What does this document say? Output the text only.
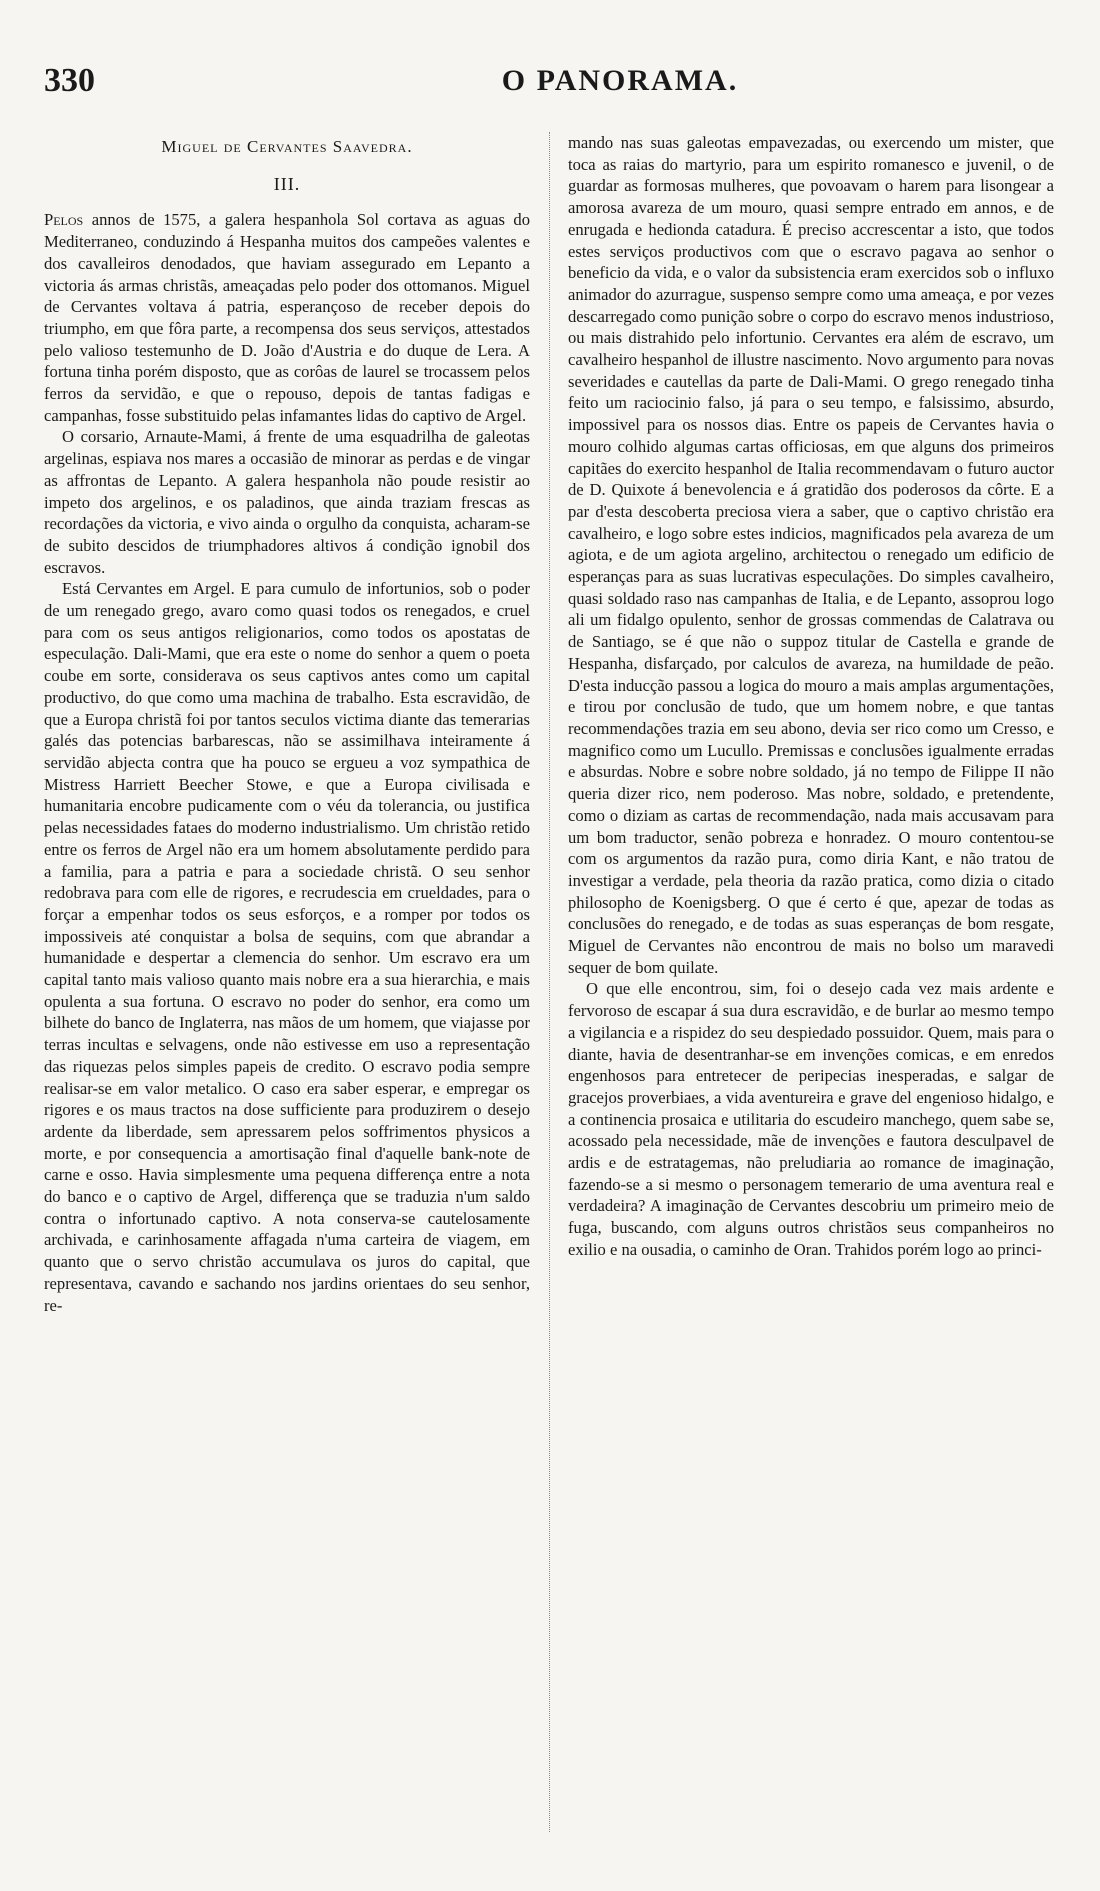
330	O PANORAMA.
Miguel de Cervantes Saavedra.
III.

Pelos annos de 1575, a galera hespanhola Sol cortava as aguas do Mediterraneo, conduzindo á Hespanha muitos dos campeões valentes e dos cavalleiros denodados, que haviam assegurado em Lepanto a victoria ás armas christãs, ameaçadas pelo poder dos ottomanos. Miguel de Cervantes voltava á patria, esperançoso de receber depois do triumpho, em que fôra parte, a recompensa dos seus serviços, attestados pelo valioso testemunho de D. João d'Austria e do duque de Lera. A fortuna tinha porém disposto, que as corôas de laurel se trocassem pelos ferros da servidão, e que o repouso, depois de tantas fadigas e campanhas, fosse substituido pelas infamantes lidas do captivo de Argel.

O corsario, Arnaute-Mami, á frente de uma esquadrilha de galeotas argelinas, espiava nos mares a occasião de minorar as perdas e de vingar as affrontas de Lepanto. A galera hespanhola não poude resistir ao impeto dos argelinos, e os paladinos, que ainda traziam frescas as recordações da victoria, e vivo ainda o orgulho da conquista, acharam-se de subito descidos de triumphadores altivos á condição ignobil dos escravos.

Está Cervantes em Argel. E para cumulo de infortunios, sob o poder de um renegado grego, avaro como quasi todos os renegados, e cruel para com os seus antigos religionarios, como todos os apostatas de especulação. Dali-Mami, que era este o nome do senhor a quem o poeta coube em sorte, considerava os seus captivos antes como um capital productivo, do que como uma machina de trabalho. Esta escravidão, de que a Europa christã foi por tantos seculos victima diante das temerarias galés das potencias barbarescas, não se assimilhava inteiramente á servidão abjecta contra que ha pouco se ergueu a voz sympathica de Mistress Harriett Beecher Stowe, e que a Europa civilisada e humanitaria encobre pudicamente com o véu da tolerancia, ou justifica pelas necessidades fataes do moderno industrialismo. Um christão retido entre os ferros de Argel não era um homem absolutamente perdido para a familia, para a patria e para a sociedade christã. O seu senhor redobrava para com elle de rigores, e recrudescia em crueldades, para o forçar a empenhar todos os seus esforços, e a romper por todos os impossiveis até conquistar a bolsa de sequins, com que abrandar a humanidade e despertar a clemencia do senhor. Um escravo era um capital tanto mais valioso quanto mais nobre era a sua hierarchia, e mais opulenta a sua fortuna. O escravo no poder do senhor, era como um bilhete do banco de Inglaterra, nas mãos de um homem, que viajasse por terras incultas e selvagens, onde não estivesse em uso a representação das riquezas pelos simples papeis de credito. O escravo podia sempre realisar-se em valor metalico. O caso era saber esperar, e empregar os rigores e os maus tractos na dose sufficiente para produzirem o desejo ardente da liberdade, sem apressarem pelos soffrimentos physicos a morte, e por consequencia a amortisação final d'aquelle bank-note de carne e osso. Havia simplesmente uma pequena differença entre a nota do banco e o captivo de Argel, differença que se traduzia n'um saldo contra o infortunado captivo. A nota conserva-se cautelosamente archivada, e carinhosamente affagada n'uma carteira de viagem, em quanto que o servo christão accumulava os juros do capital, que representava, cavando e sachando nos jardins orientaes do seu senhor, re-

mando nas suas galeotas empavezadas, ou exercendo um mister, que toca as raias do martyrio, para um espirito romanesco e juvenil, o de guardar as formosas mulheres, que povoavam o harem para lisongear a amorosa avareza de um mouro, quasi sempre entrado em annos, e de enrugada e hedionda catadura. É preciso accrescentar a isto, que todos estes serviços productivos com que o escravo pagava ao senhor o beneficio da vida, e o valor da subsistencia eram exercidos sob o influxo animador do azurrague, suspenso sempre como uma ameaça, e por vezes descarregado como punição sobre o corpo do escravo menos industrioso, ou mais distrahido pelo infortunio. Cervantes era além de escravo, um cavalheiro hespanhol de illustre nascimento. Novo argumento para novas severidades e cautellas da parte de Dali-Mami. O grego renegado tinha feito um raciocinio falso, já para o seu tempo, e falsissimo, absurdo, impossivel para os nossos dias. Entre os papeis de Cervantes havia o mouro colhido algumas cartas officiosas, em que alguns dos primeiros capitães do exercito hespanhol de Italia recommendavam o futuro auctor de D. Quixote á benevolencia e á gratidão dos poderosos da côrte. E a par d'esta descoberta preciosa viera a saber, que o captivo christão era cavalheiro, e logo sobre estes indicios, magnificados pela avareza de um agiota, e de um agiota argelino, architectou o renegado um edificio de esperanças para as suas lucrativas especulações. Do simples cavalheiro, quasi soldado raso nas campanhas de Italia, e de Lepanto, assoprou logo ali um fidalgo opulento, senhor de grossas commendas de Calatrava ou de Santiago, se é que não o suppoz titular de Castella e grande de Hespanha, disfarçado, por calculos de avareza, na humildade de peão. D'esta inducção passou a logica do mouro a mais amplas argumentações, e tirou por conclusão de tudo, que um homem nobre, e que tantas recommendações trazia em seu abono, devia ser rico como um Cresso, e magnifico como um Lucullo. Premissas e conclusões igualmente erradas e absurdas. Nobre e sobre nobre soldado, já no tempo de Filippe II não queria dizer rico, nem poderoso. Mas nobre, soldado, e pretendente, como o diziam as cartas de recommendação, nada mais accusavam para um bom traductor, senão pobreza e honradez. O mouro contentou-se com os argumentos da razão pura, como diria Kant, e não tratou de investigar a verdade, pela theoria da razão pratica, como dizia o citado philosopho de Koenigsberg. O que é certo é que, apezar de todas as conclusões do renegado, e de todas as suas esperanças de bom resgate, Miguel de Cervantes não encontrou de mais no bolso um maravedi sequer de bom quilate.

O que elle encontrou, sim, foi o desejo cada vez mais ardente e fervoroso de escapar á sua dura escravidão, e de burlar ao mesmo tempo a vigilancia e a rispidez do seu despiedado possuidor. Quem, mais para o diante, havia de desentranhar-se em invenções comicas, e em enredos engenhosos para entretecer de peripecias inesperadas, e salgar de gracejos proverbiaes, a vida aventureira e grave del engenioso hidalgo, e a continencia prosaica e utilitaria do escudeiro manchego, quem sabe se, acossado pela necessidade, mãe de invenções e fautora desculpavel de ardis e de estratagemas, não preludiaria ao romance de imaginação, fazendo-se a si mesmo o personagem temerario de uma aventura real e verdadeira? A imaginação de Cervantes descobriu um primeiro meio de fuga, buscando, com alguns outros christãos seus companheiros no exilio e na ousadia, o caminho de Oran. Trahidos porém logo ao princi-
